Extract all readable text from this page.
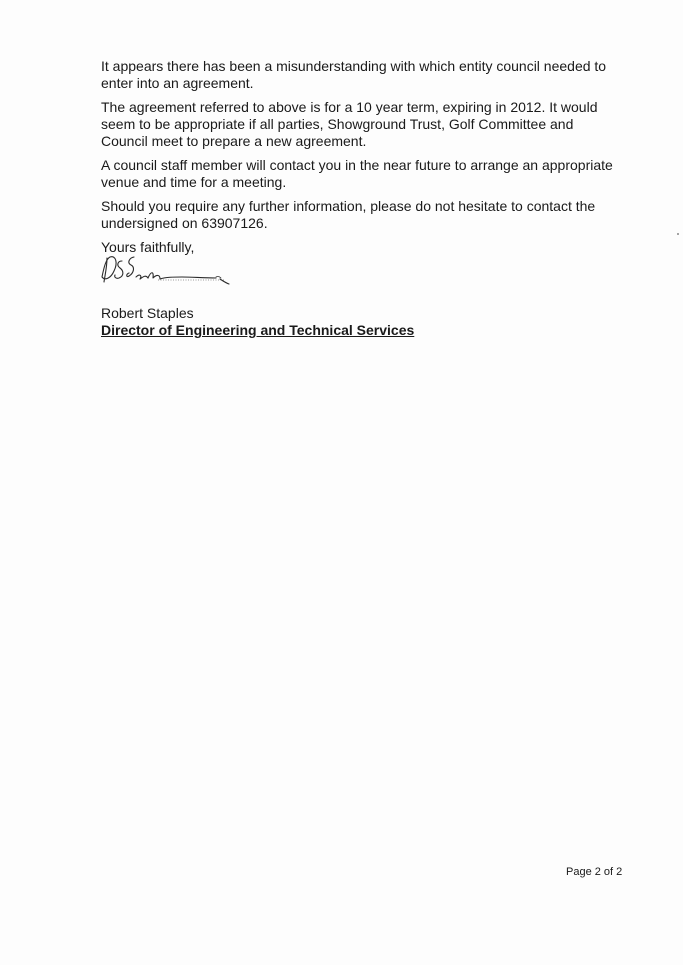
It appears there has been a misunderstanding with which entity council needed to enter into an agreement.

The agreement referred to above is for a 10 year term, expiring in 2012. It would seem to be appropriate if all parties, Showground Trust, Golf Committee and Council meet to prepare a new agreement.

A council staff member will contact you in the near future to arrange an appropriate venue and time for a meeting.

Should you require any further information, please do not hesitate to contact the undersigned on 63907126.

Yours faithfully,

Robert Staples

Director of Engineering and Technical Services

Page 2 of 2
